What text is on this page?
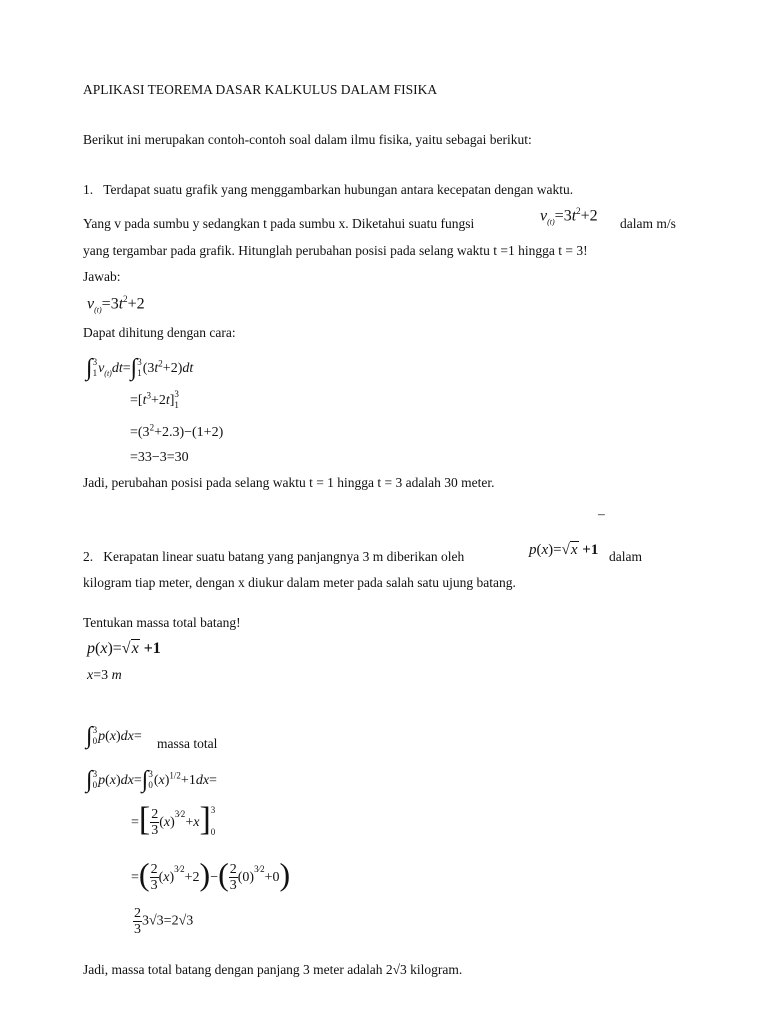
APLIKASI TEOREMA DASAR KALKULUS DALAM FISIKA
Berikut ini merupakan contoh-contoh soal dalam ilmu fisika, yaitu sebagai berikut:
1. Terdapat suatu grafik yang menggambarkan hubungan antara kecepatan dengan waktu.
Yang v pada sumbu y sedangkan t pada sumbu x. Diketahui suatu fungsi	$v_{(t)}=3t^2+2$ dalam m/s
yang tergambar pada grafik. Hitunglah perubahan posisi pada selang waktu t =1 hingga t = 3!
Jawab:
$v_{(t)}=3t^2+2$
Dapat dihitung dengan cara:
∫ 3
1 $v_{(t)}dt=\int$ 3
1 $(3t^2+2)dt$
$=[t^3+2t]$ 3
1
$=(3^2+2.3)-(1+2)$
=33−3=30
Jadi, perubahan posisi pada selang waktu t = 1 hingga t = 3 adalah 30 meter.
–
2. Kerapatan linear suatu batang yang panjangnya 3 m diberikan oleh	p(x)=√x +1 dalam
kilogram tiap meter, dengan x diukur dalam meter pada salah satu ujung batang.
Tentukan massa total batang!
p(x)=√x +1
x=3 m
∫ 3
0 p(x)dx= massa total
∫ 3
0 p(x)dx=∫ 3
0 $(x)^{1/2}+1dx=$
=[ $\frac{2}{3} (x)^{3⁄2}+x$] 3

0
=( $\frac{2}{3} (x)^{3⁄2}+2)-( \frac{2}{3} (0)^{3⁄2}+0)$
$\frac{2}{3} 3√3=2√3$
Jadi, massa total batang dengan panjang 3 meter adalah 2√3 kilogram.
